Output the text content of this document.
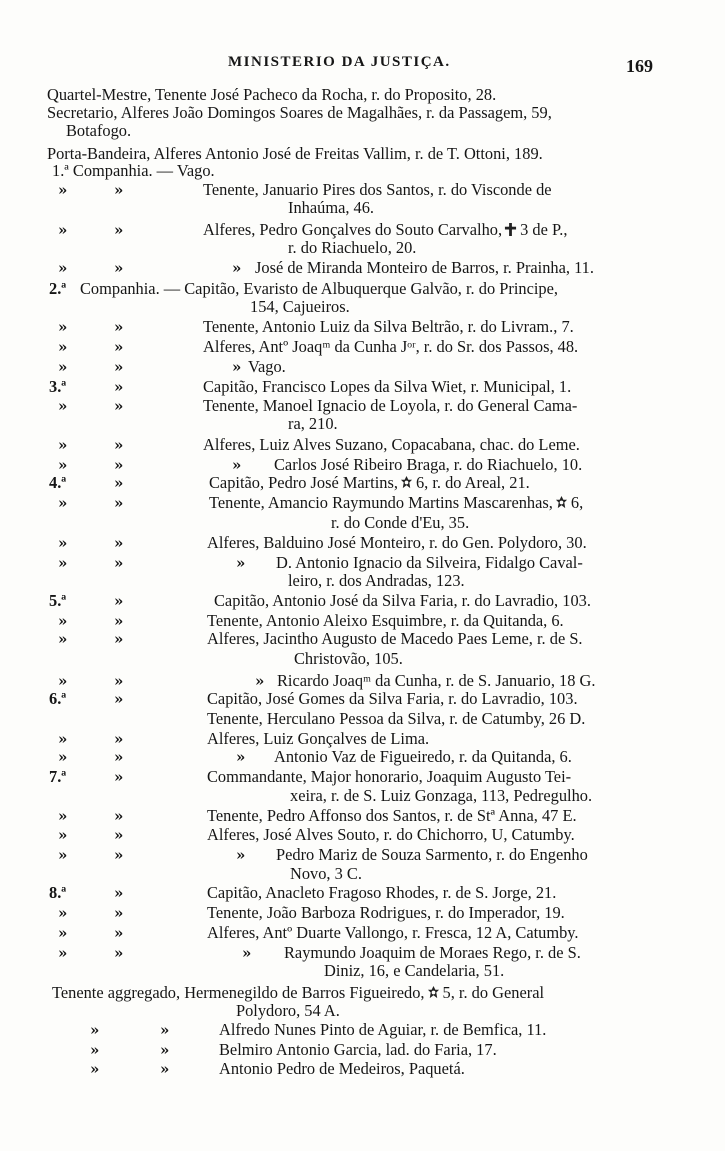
MINISTERIO DA JUSTIÇA.	169
Quartel-Mestre, Tenente José Pacheco da Rocha, r. do Proposito, 28.
Secretario, Alferes João Domingos Soares de Magalhães, r. da Passagem, 59,
Botafogo.
Porta-Bandeira, Alferes Antonio José de Freitas Vallim, r. de T. Ottoni, 189.
1.ª Companhia. — Vago.
»	»	Tenente, Januario Pires dos Santos, r. do Visconde de
Inhaúma, 46.
»	»	Alferes, Pedro Gonçalves do Souto Carvalho, 3 de P.,
r. do Riachuelo, 20.
»	»	» José de Miranda Monteiro de Barros, r. Prainha, 11.
2.ª Companhia. — Capitão, Evaristo de Albuquerque Galvão, r. do Principe,
154, Cajueiros.
»	»	Tenente, Antonio Luiz da Silva Beltrão, r. do Livram., 7.
»	»	Alferes, Antº Joaqᵐ da Cunha Jᵒʳ, r. do Sr. dos Passos, 48.
»	»	» Vago.
3.ª	»	Capitão, Francisco Lopes da Silva Wiet, r. Municipal, 1.
»	»	Tenente, Manoel Ignacio de Loyola, r. do General Cama-
ra, 210.
»	»	Alferes, Luiz Alves Suzano, Copacabana, chac. do Leme.
»	»	» Carlos José Ribeiro Braga, r. do Riachuelo, 10.
4.ª	»	Capitão, Pedro José Martins, 6, r. do Areal, 21.
»	»	Tenente, Amancio Raymundo Martins Mascarenhas, 6,
r. do Conde d'Eu, 35.
»	»	Alferes, Balduino José Monteiro, r. do Gen. Polydoro, 30.
»	»	» D. Antonio Ignacio da Silveira, Fidalgo Caval-
leiro, r. dos Andradas, 123.
5.ª	»	Capitão, Antonio José da Silva Faria, r. do Lavradio, 103.
»	»	Tenente, Antonio Aleixo Esquimbre, r. da Quitanda, 6.
»	»	Alferes, Jacintho Augusto de Macedo Paes Leme, r. de S.
Christovão, 105.
»	»	» Ricardo Joaqᵐ da Cunha, r. de S. Januario, 18 G.
6.ª	»	Capitão, José Gomes da Silva Faria, r. do Lavradio, 103.
Tenente, Herculano Pessoa da Silva, r. de Catumby, 26 D.
»	»	Alferes, Luiz Gonçalves de Lima.
»	»	» Antonio Vaz de Figueiredo, r. da Quitanda, 6.
7.ª	»	Commandante, Major honorario, Joaquim Augusto Tei-
xeira, r. de S. Luiz Gonzaga, 113, Pedregulho.
»	»	Tenente, Pedro Affonso dos Santos, r. de Stª Anna, 47 E.
»	»	Alferes, José Alves Souto, r. do Chichorro, U, Catumby.
»	»	» Pedro Mariz de Souza Sarmento, r. do Engenho
Novo, 3 C.
8.ª	»	Capitão, Anacleto Fragoso Rhodes, r. de S. Jorge, 21.
»	»	Tenente, João Barboza Rodrigues, r. do Imperador, 19.
»	»	Alferes, Antº Duarte Vallongo, r. Fresca, 12 A, Catumby.
»	»	» Raymundo Joaquim de Moraes Rego, r. de S.
Diniz, 16, e Candelaria, 51.
Tenente aggregado, Hermenegildo de Barros Figueiredo, 5, r. do General
Polydoro, 54 A.
»	»	Alfredo Nunes Pinto de Aguiar, r. de Bemfica, 11.
»	»	Belmiro Antonio Garcia, lad. do Faria, 17.
»	»	Antonio Pedro de Medeiros, Paquetá.
